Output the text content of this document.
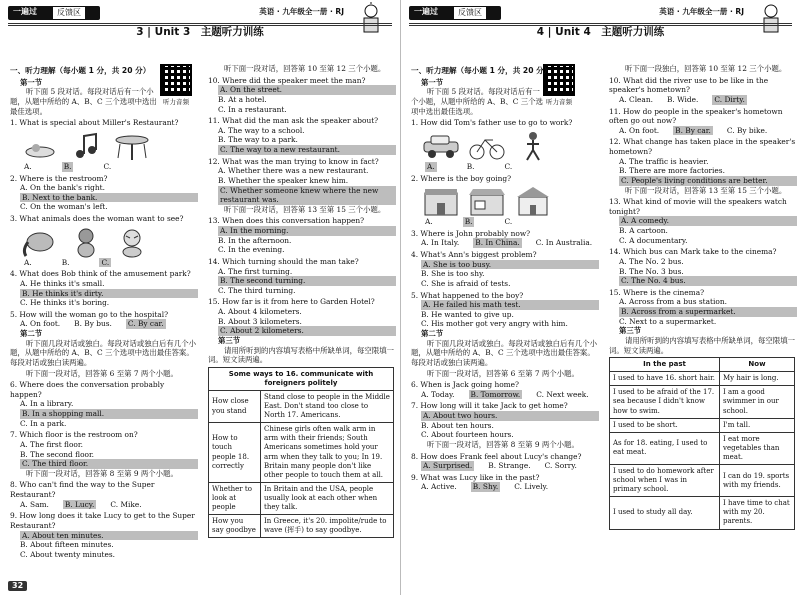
一遍过	反馈区	英语 · 九年级全一册 · RJ
3 | Unit 3　主题听力训练
听力音频
一、听力理解（每小题 1 分，共 20 分）
第一节
听下面 5 段对话。每段对话后有一个小题，从题中所给的 A、B、C 三个选项中选出最佳选项。
1. What is special about Miller's Restaurant?
A.	B.	C.
2. Where is the restroom?
A. On the bank's right.
B. Next to the bank.
C. On the woman's left.
3. What animals does the woman want to see?
A.	B.	C.
4. What does Bob think of the amusement park?
A. He thinks it's small.
B. He thinks it's dirty.
C. He thinks it's boring.
5. How will the woman go to the hospital?
A. On foot. B. By bus. C. By car.
第二节
听下面几段对话或独白。每段对话或独白后有几个小题，从题中所给的 A、B、C 三个选项中选出最佳答案。每段对话或独白读两遍。
听下面一段对话，回答第 6 至第 7 两个小题。
6. Where does the conversation probably happen?
A. In a library.
B. In a shopping mall.
C. In a park.
7. Which floor is the restroom on?
A. The first floor.
B. The second floor.
C. The third floor.
听下面一段对话，回答第 8 至第 9 两个小题。
8. Who can't find the way to the Super Restaurant?
A. Sam. B. Lucy. C. Mike.
9. How long does it take Lucy to get to the Super Restaurant?
A. About ten minutes.
B. About fifteen minutes.
C. About twenty minutes.
听下面一段对话，回答第 10 至第 12 三个小题。
10. Where did the speaker meet the man?
A. On the street.
B. At a hotel.
C. In a restaurant.
11. What did the man ask the speaker about?
A. The way to a school.
B. The way to a park.
C. The way to a new restaurant.
12. What was the man trying to know in fact?
A. Whether there was a new restaurant.
B. Whether the speaker knew him.
C. Whether someone knew where the new restaurant was.
听下面一段对话，回答第 13 至第 15 三个小题。
13. When does this conversation happen?
A. In the morning.
B. In the afternoon.
C. In the evening.
14. Which turning should the man take?
A. The first turning.
B. The second turning.
C. The third turning.
15. How far is it from here to Garden Hotel?
A. About 4 kilometers.
B. About 3 kilometers.
C. About 2 kilometers.
第三节
请用所听到的内容填写表格中所缺单词，每空限填一词。短文读两遍。
Some ways to 16. communicate with foreigners politely	
How close you stand	Stand close to people in the Middle East. Don't stand too close to North 17. Americans.
How to touch people 18. correctly	Chinese girls often walk arm in arm with their friends; South Americans sometimes hold your arm when they talk to you; In 19. Britain many people don't like other people to touch them at all.
Whether to look at people	In Britain and the USA, people usually look at each other when they talk.
How you say goodbye	In Greece, it's 20. impolite/rude to wave (挥手) to say goodbye.
32
一遍过	反馈区	英语 · 九年级全一册 · RJ
4 | Unit 4　主题听力训练
听力音频
一、听力理解（每小题 1 分，共 20 分）
第一节
听下面 5 段对话。每段对话后有一个小题，从题中所给的 A、B、C 三个选项中选出最佳选项。
1. How did Tom's father use to go to work?
A.	B.	C.
2. Where is the boy going?
A.	B.	C.
3. Where is John probably now?
A. In Italy. B. In China. C. In Australia.
4. What's Ann's biggest problem?
A. She is too busy.
B. She is too shy.
C. She is afraid of tests.
5. What happened to the boy?
A. He failed his math test.
B. He wanted to give up.
C. His mother got very angry with him.
第二节
听下面几段对话或独白。每段对话或独白后有几个小题，从题中所给的 A、B、C 三个选项中选出最佳答案。每段对话或独白读两遍。
听下面一段对话，回答第 6 至第 7 两个小题。
6. When is Jack going home?
A. Today. B. Tomorrow. C. Next week.
7. How long will it take Jack to get home?
A. About two hours.
B. About ten hours.
C. About fourteen hours.
听下面一段对话，回答第 8 至第 9 两个小题。
8. How does Frank feel about Lucy's change?
A. Surprised. B. Strange. C. Sorry.
9. What was Lucy like in the past?
A. Active. B. Shy. C. Lively.
听下面一段独白，回答第 10 至第 12 三个小题。
10. What did the river use to be like in the speaker's hometown?
A. Clean. B. Wide. C. Dirty.
11. How do people in the speaker's hometown often go out now?
A. On foot. B. By car. C. By bike.
12. What change has taken place in the speaker's hometown?
A. The traffic is heavier.
B. There are more factories.
C. People's living conditions are better.
听下面一段对话，回答第 13 至第 15 三个小题。
13. What kind of movie will the speakers watch tonight?
A. A comedy.
B. A cartoon.
C. A documentary.
14. Which bus can Mark take to the cinema?
A. The No. 2 bus.
B. The No. 3 bus.
C. The No. 4 bus.
15. Where is the cinema?
A. Across from a bus station.
B. Across from a supermarket.
C. Next to a supermarket.
第三节
请用所听到的内容填写表格中所缺单词，每空限填一词。短文读两遍。
In the past	Now
I used to have 16. short hair.	My hair is long.
I used to be afraid of the 17. sea because I didn't know how to swim.	I am a good swimmer in our school.
I used to be short.	I'm tall.
As for 18. eating, I used to eat meat.	I eat more vegetables than meat.
I used to do homework after school when I was in primary school.	I can do 19. sports with my friends.
I used to study all day.	I have time to chat with my 20. parents.
